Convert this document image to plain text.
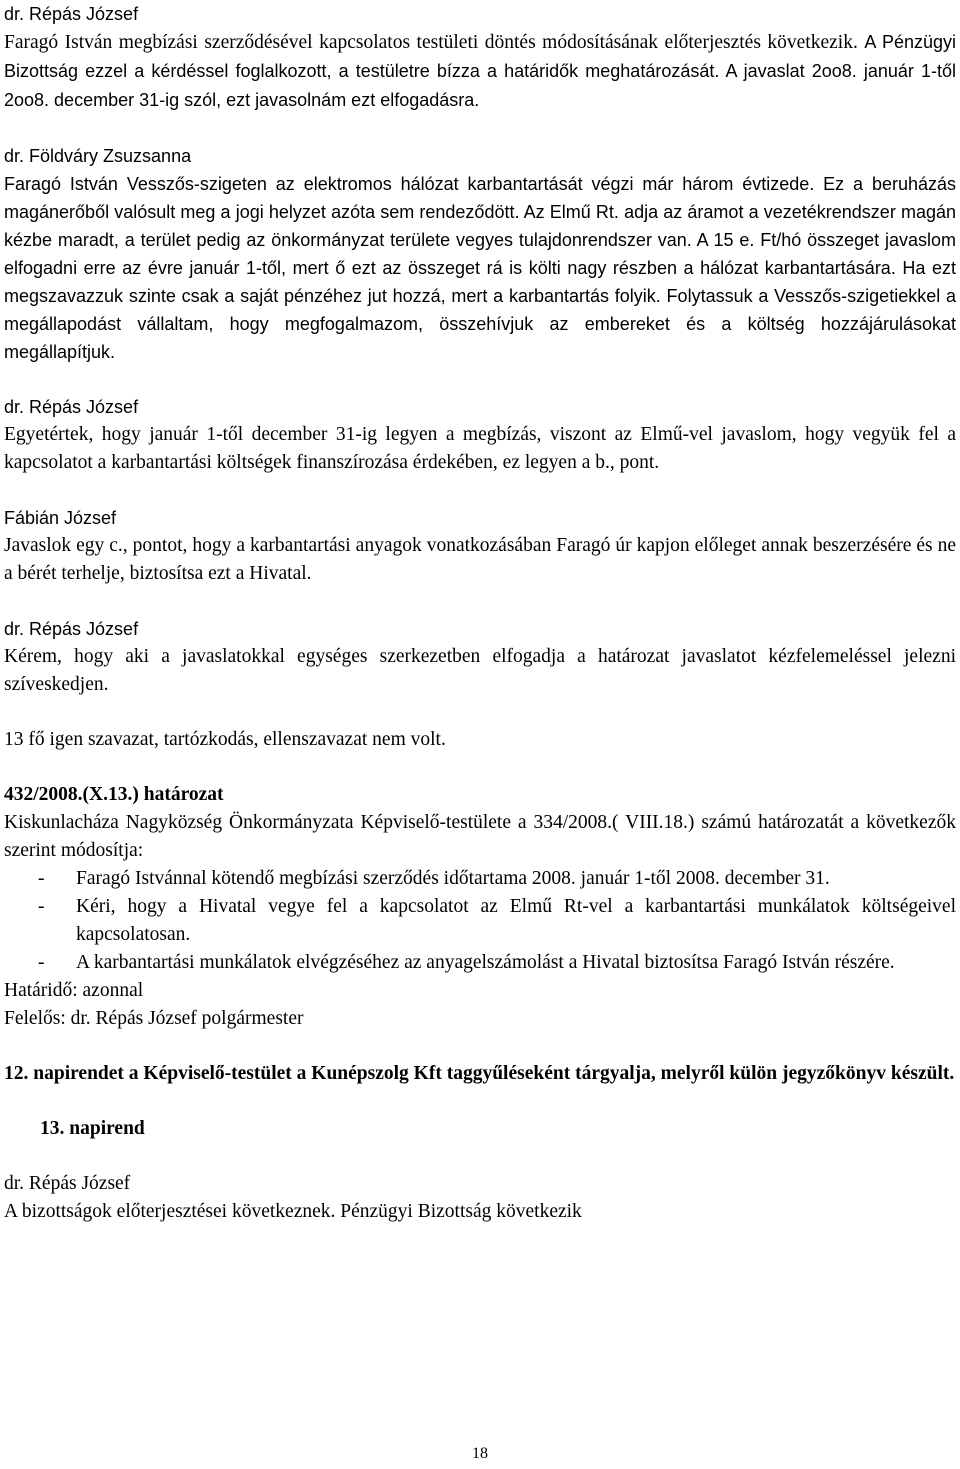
dr. Répás József

Faragó István megbízási szerződésével kapcsolatos testületi döntés módosításának előterjesztés következik. A Pénzügyi Bizottság ezzel a kérdéssel foglalkozott, a testületre bízza a határidők meghatározását. A javaslat 2oo8. január 1-től 2oo8. december 31-ig szól, ezt javasolnám ezt elfogadásra.

dr. Földváry Zsuzsanna

Faragó István Vesszős-szigeten az elektromos hálózat karbantartását végzi már három évtizede. Ez a beruházás magánerőből valósult meg a jogi helyzet azóta sem rendeződött. Az Elmű Rt. adja az áramot a vezetékrendszer magán kézbe maradt, a terület pedig az önkormányzat területe vegyes tulajdonrendszer van. A 15 e. Ft/hó összeget javaslom elfogadni erre az évre január 1-től, mert ő ezt az összeget rá is költi nagy részben a hálózat karbantartására. Ha ezt megszavazzuk szinte csak a saját pénzéhez jut hozzá, mert a karbantartás folyik. Folytassuk a Vesszős-szigetiekkel a megállapodást vállaltam, hogy megfogalmazom, összehívjuk az embereket és a költség hozzájárulásokat megállapítjuk.

dr. Répás József

Egyetértek, hogy január 1-től december 31-ig legyen a megbízás, viszont az Elmű-vel javaslom, hogy vegyük fel a kapcsolatot a karbantartási költségek finanszírozása érdekében, ez legyen a b., pont.

Fábián József

Javaslok egy c., pontot, hogy a karbantartási anyagok vonatkozásában Faragó úr kapjon előleget annak beszerzésére és ne a bérét terhelje, biztosítsa ezt a Hivatal.

dr. Répás József

Kérem, hogy aki a javaslatokkal egységes szerkezetben elfogadja a határozat javaslatot kézfelemeléssel jelezni szíveskedjen.

13 fő igen szavazat, tartózkodás, ellenszavazat nem volt.

432/2008.(X.13.) határozat

Kiskunlacháza Nagyközség Önkormányzata Képviselő-testülete a 334/2008.( VIII.18.) számú határozatát a következők szerint módosítja:

- Faragó Istvánnal kötendő megbízási szerződés időtartama 2008. január 1-től 2008. december 31.
- Kéri, hogy a Hivatal vegye fel a kapcsolatot az Elmű Rt-vel a karbantartási munkálatok költségeivel kapcsolatosan.
- A karbantartási munkálatok elvégzéséhez az anyagelszámolást a Hivatal biztosítsa Faragó István részére.

Határidő: azonnal

Felelős: dr. Répás József polgármester

12. napirendet a Képviselő-testület a Kunépszolg Kft taggyűléseként tárgyalja, melyről külön jegyzőkönyv készült.

13. napirend

dr. Répás József

A bizottságok előterjesztései következnek. Pénzügyi Bizottság következik

18
